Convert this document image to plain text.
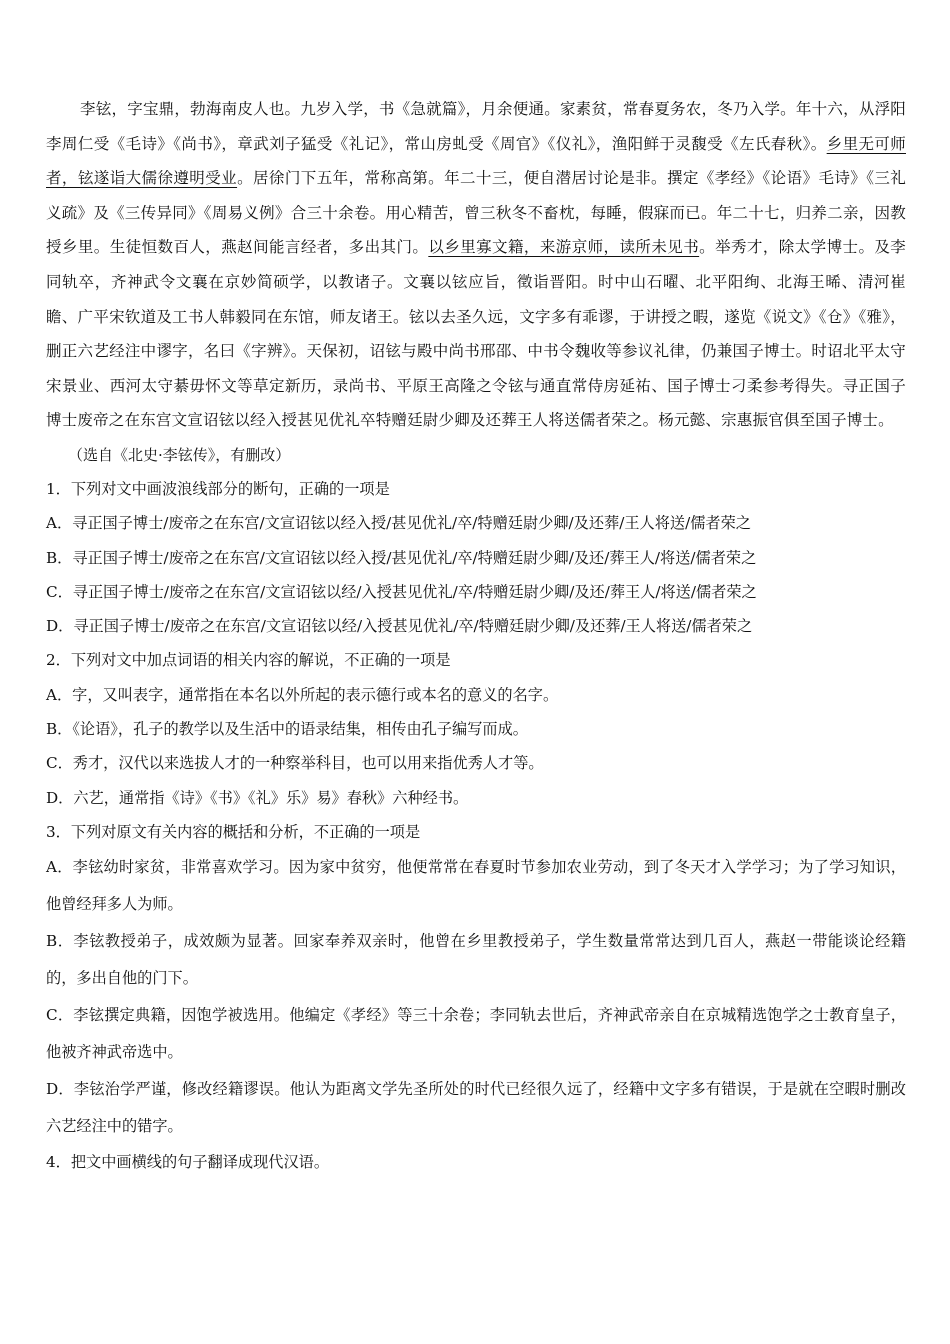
李铉，字宝鼎，勃海南皮人也。九岁入学，书《急就篇》，月余便通。家素贫，常春夏务农，冬乃入学。年十六，从浮阳李周仁受《毛诗》《尚书》，章武刘子猛受《礼记》，常山房虬受《周官》《仪礼》，渔阳鲜于灵馥受《左氏春秋》。乡里无可师者，铉遂诣大儒徐遵明受业。居徐门下五年，常称高第。年二十三，便自潜居讨论是非。撰定《孝经》《论语》毛诗》《三礼义疏》及《三传异同》《周易义例》合三十余卷。用心精苦，曾三秋冬不畜枕，每睡，假寐而已。年二十七，归养二亲，因教授乡里。生徒恒数百人，燕赵间能言经者，多出其门。以乡里寡文籍，来游京师，读所未见书。举秀才，除太学博士。及李同轨卒，齐神武令文襄在京妙简硕学，以教诸子。文襄以铉应旨，徵诣晋阳。时中山石曜、北平阳绚、北海王晞、清河崔瞻、广平宋钦道及工书人韩毅同在东馆，师友诸王。铉以去圣久远，文字多有乖谬，于讲授之暇，遂览《说文》《仓》《雅》，删正六艺经注中谬字，名曰《字辨》。天保初，诏铉与殿中尚书邢邵、中书令魏收等参议礼律，仍兼国子博士。时诏北平太守宋景业、西河太守綦毋怀文等草定新历，录尚书、平原王高隆之令铉与通直常侍房延祐、国子博士刁柔参考得失。寻正国子博士废帝之在东宫文宣诏铉以经入授甚见优礼卒特赠廷尉少卿及还葬王人将送儒者荣之。杨元懿、宗惠振官俱至国子博士。

（选自《北史·李铉传》，有删改）

1．下列对文中画波浪线部分的断句，正确的一项是

A．寻正国子博士/废帝之在东宫/文宣诏铉以经入授/甚见优礼/卒/特赠廷尉少卿/及还葬/王人将送/儒者荣之

B．寻正国子博士/废帝之在东宫/文宣诏铉以经入授/甚见优礼/卒/特赠廷尉少卿/及还/葬王人/将送/儒者荣之

C．寻正国子博士/废帝之在东宫/文宣诏铉以经/入授甚见优礼/卒/特赠廷尉少卿/及还/葬王人/将送/儒者荣之

D．寻正国子博士/废帝之在东宫/文宣诏铉以经/入授甚见优礼/卒/特赠廷尉少卿/及还葬/王人将送/儒者荣之

2．下列对文中加点词语的相关内容的解说，不正确的一项是

A．字，又叫表字，通常指在本名以外所起的表示德行或本名的意义的名字。

B．《论语》，孔子的教学以及生活中的语录结集，相传由孔子编写而成。

C．秀才，汉代以来选拔人才的一种察举科目，也可以用来指优秀人才等。

D．六艺，通常指《诗》《书》《礼》乐》易》春秋》六种经书。

3．下列对原文有关内容的概括和分析，不正确的一项是

A．李铉幼时家贫，非常喜欢学习。因为家中贫穷，他便常常在春夏时节参加农业劳动，到了冬天才入学学习；为了学习知识，他曾经拜多人为师。

B．李铉教授弟子，成效颇为显著。回家奉养双亲时，他曾在乡里教授弟子，学生数量常常达到几百人，燕赵一带能谈论经籍的，多出自他的门下。

C．李铉撰定典籍，因饱学被选用。他编定《孝经》等三十余卷；李同轨去世后，齐神武帝亲自在京城精选饱学之士教育皇子，他被齐神武帝选中。

D．李铉治学严谨，修改经籍谬误。他认为距离文学先圣所处的时代已经很久远了，经籍中文字多有错误，于是就在空暇时删改六艺经注中的错字。

4．把文中画横线的句子翻译成现代汉语。
